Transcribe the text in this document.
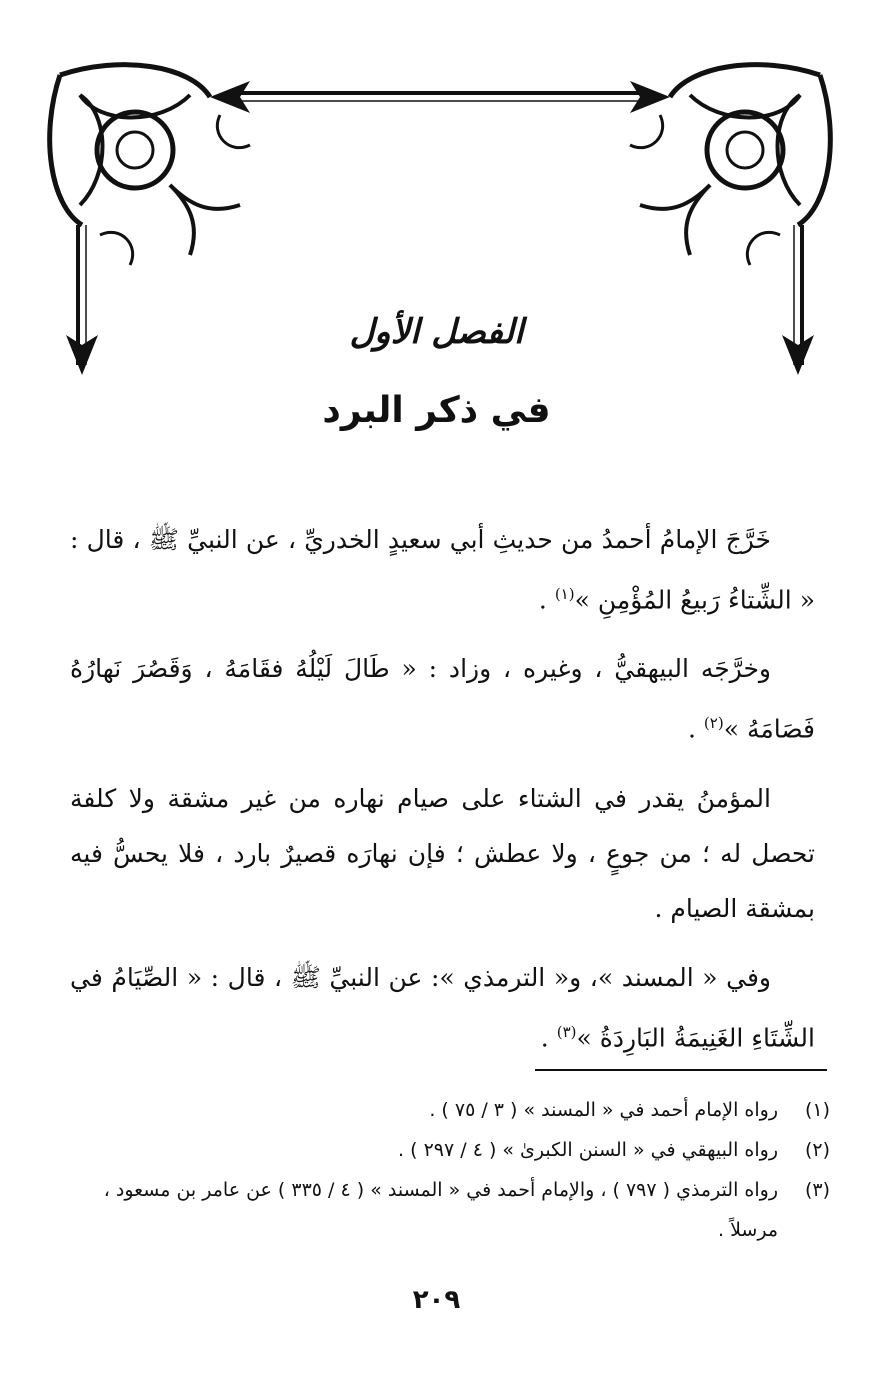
الفصل الأول
في ذكر البرد

خَرَّجَ الإمامُ أحمدُ من حديثِ أبي سعيدٍ الخدريِّ ، عن النبيِّ ﷺ ، قال : « الشِّتاءُ رَبيعُ المُؤْمِنِ »$^{(١)}$ .

وخرَّجَه البيهقيُّ ، وغيره ، وزاد : « طَالَ لَيْلُهُ فقَامَهُ ، وَقَصُرَ نَهارُهُ فَصَامَهُ »$^{(٢)}$ .

المؤمنُ يقدر في الشتاء على صيام نهاره من غير مشقة ولا كلفة تحصل له ؛ من جوعٍ ، ولا عطش ؛ فإن نهارَه قصيرٌ بارد ، فلا يحسُّ فيه بمشقة الصيام .

وفي « المسند »، و« الترمذي »: عن النبيِّ ﷺ ، قال : « الصِّيَامُ في الشِّتَاءِ الغَنِيمَةُ البَارِدَةُ »$^{(٣)}$ .

(١)
رواه الإمام أحمد في « المسند » ( ٣ / ٧٥ ) .
(٢)
رواه البيهقي في « السنن الكبرىٰ » ( ٤ / ٢٩٧ ) .
(٣)
رواه الترمذي ( ٧٩٧ ) ، والإمام أحمد في « المسند » ( ٤ / ٣٣٥ ) عن عامر بن مسعود ، مرسلاً .
٢٠٩
